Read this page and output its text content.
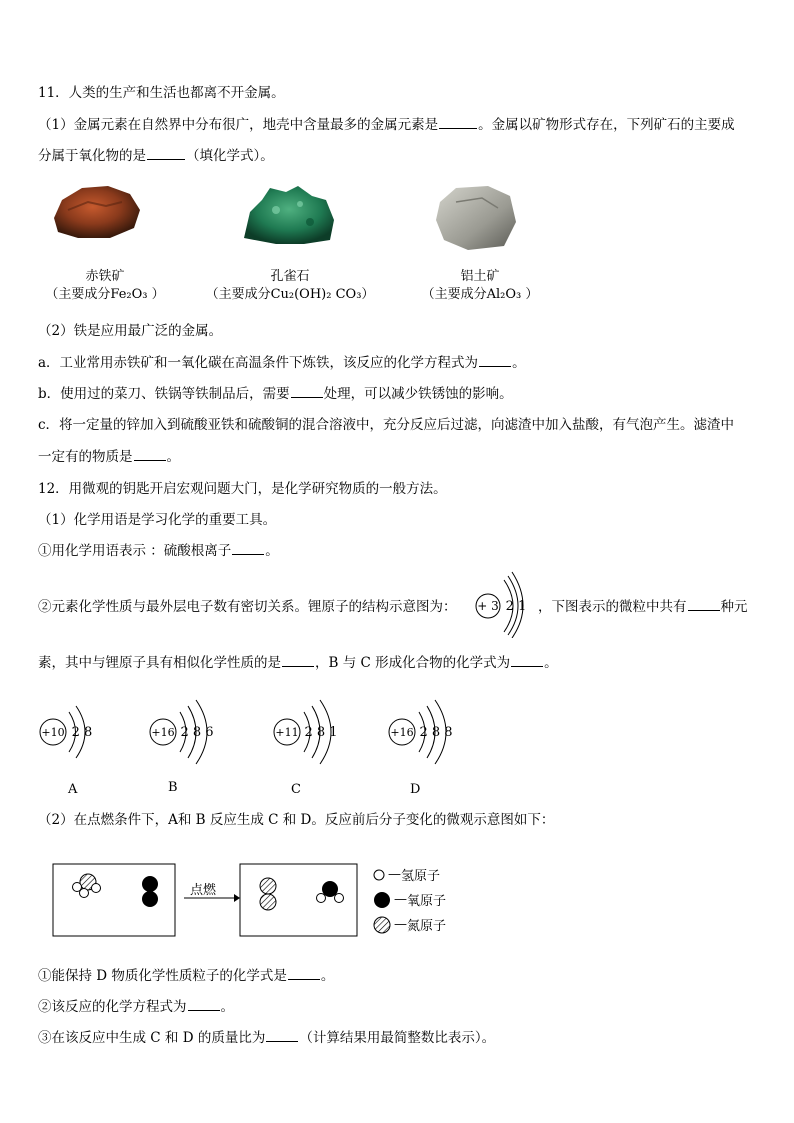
11．人类的生产和生活也都离不开金属。
（1）金属元素在自然界中分布很广，地壳中含量最多的金属元素是	。金属以矿物形式存在，下列矿石的主要成
分属于氧化物的是	（填化学式）。
赤铁矿
（主要成分Fe₂O₃ ）
孔雀石
（主要成分Cu₂(OH)₂ CO₃）
铝土矿
（主要成分Al₂O₃ ）
（2）铁是应用最广泛的金属。
a．工业常用赤铁矿和一氧化碳在高温条件下炼铁，该反应的化学方程式为	。
b．使用过的菜刀、铁锅等铁制品后，需要	处理，可以减少铁锈蚀的影响。
c．将一定量的锌加入到硫酸亚铁和硫酸铜的混合溶液中，充分反应后过滤，向滤渣中加入盐酸，有气泡产生。滤渣中
一定有的物质是	。
12．用微观的钥匙开启宏观问题大门，是化学研究物质的一般方法。
（1）化学用语是学习化学的重要工具。
①用化学用语表示 ：硫酸根离子	。
②元素化学性质与最外层电子数有密切关系。锂原子的结构示意图为： + 3 2 1 ，下图表示的微粒中共有	种元
素，其中与锂原子具有相似化学性质的是	，B 与 C 形成化合物的化学式为	。
+10 2 8
A
+16 2 8 6
B
+11 2 8 1
C
+16 2 8 8
D
（2）在点燃条件下，A和 B 反应生成 C 和 D。反应前后分子变化的微观示意图如下：
点燃
— 氢原子
— 氧原子
— 氮原子
①能保持 D 物质化学性质粒子的化学式是	。
②该反应的化学方程式为	。
③在该反应中生成 C 和 D 的质量比为	（计算结果用最简整数比表示）。
